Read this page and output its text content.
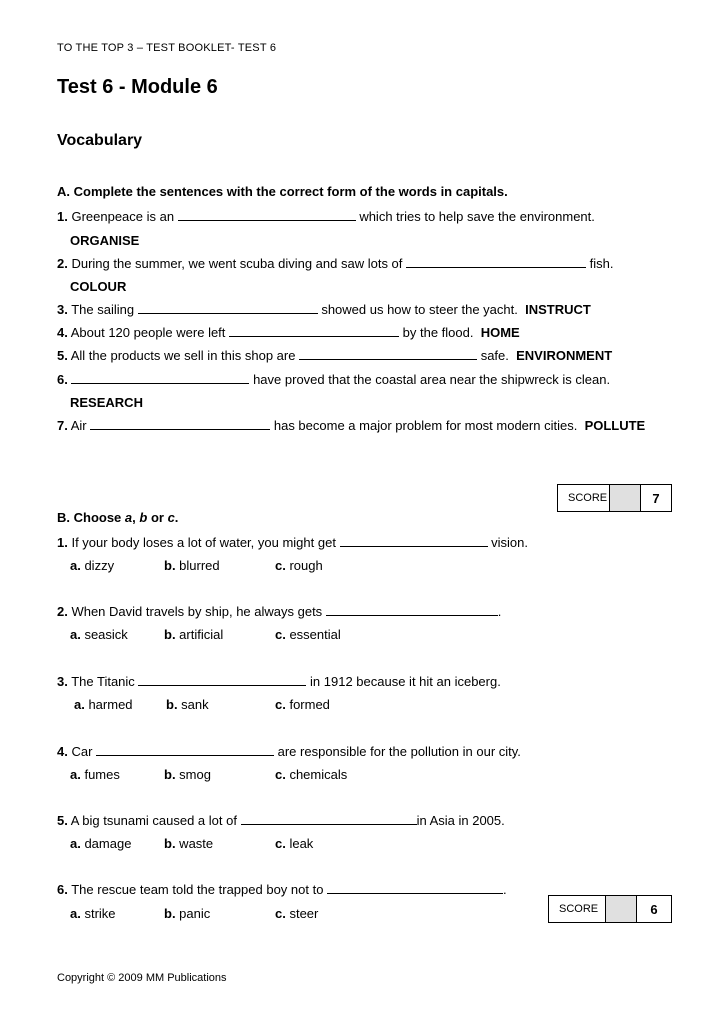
TO THE TOP 3 – TEST BOOKLET- TEST 6
Test 6 - Module 6
Vocabulary
A. Complete the sentences with the correct form of the words in capitals.
1. Greenpeace is an	which tries to help save the environment.
ORGANISE
2. During the summer, we went scuba diving and saw lots of	fish.
COLOUR
3. The sailing	showed us how to steer the yacht. INSTRUCT
4. About 120 people were left	by the flood. HOME
5. All the products we sell in this shop are	safe. ENVIRONMENT
6.	have proved that the coastal area near the shipwreck is clean.
RESEARCH
7. Air	has become a major problem for most modern cities. POLLUTE
SCORE	7
B. Choose a, b or c.
1. If your body loses a lot of water, you might get	vision.
a. dizzy	b. blurred	c. rough
2. When David travels by ship, he always gets	.
a. seasick	b. artificial	c. essential
3. The Titanic	in 1912 because it hit an iceberg.
a. harmed	b. sank	c. formed
4. Car	are responsible for the pollution in our city.
a. fumes	b. smog	c. chemicals
5. A big tsunami caused a lot of	in Asia in 2005.
a. damage	b. waste	c. leak
6. The rescue team told the trapped boy not to	.
a. strike	b. panic	c. steer	SCORE	6
Copyright © 2009 MM Publications
